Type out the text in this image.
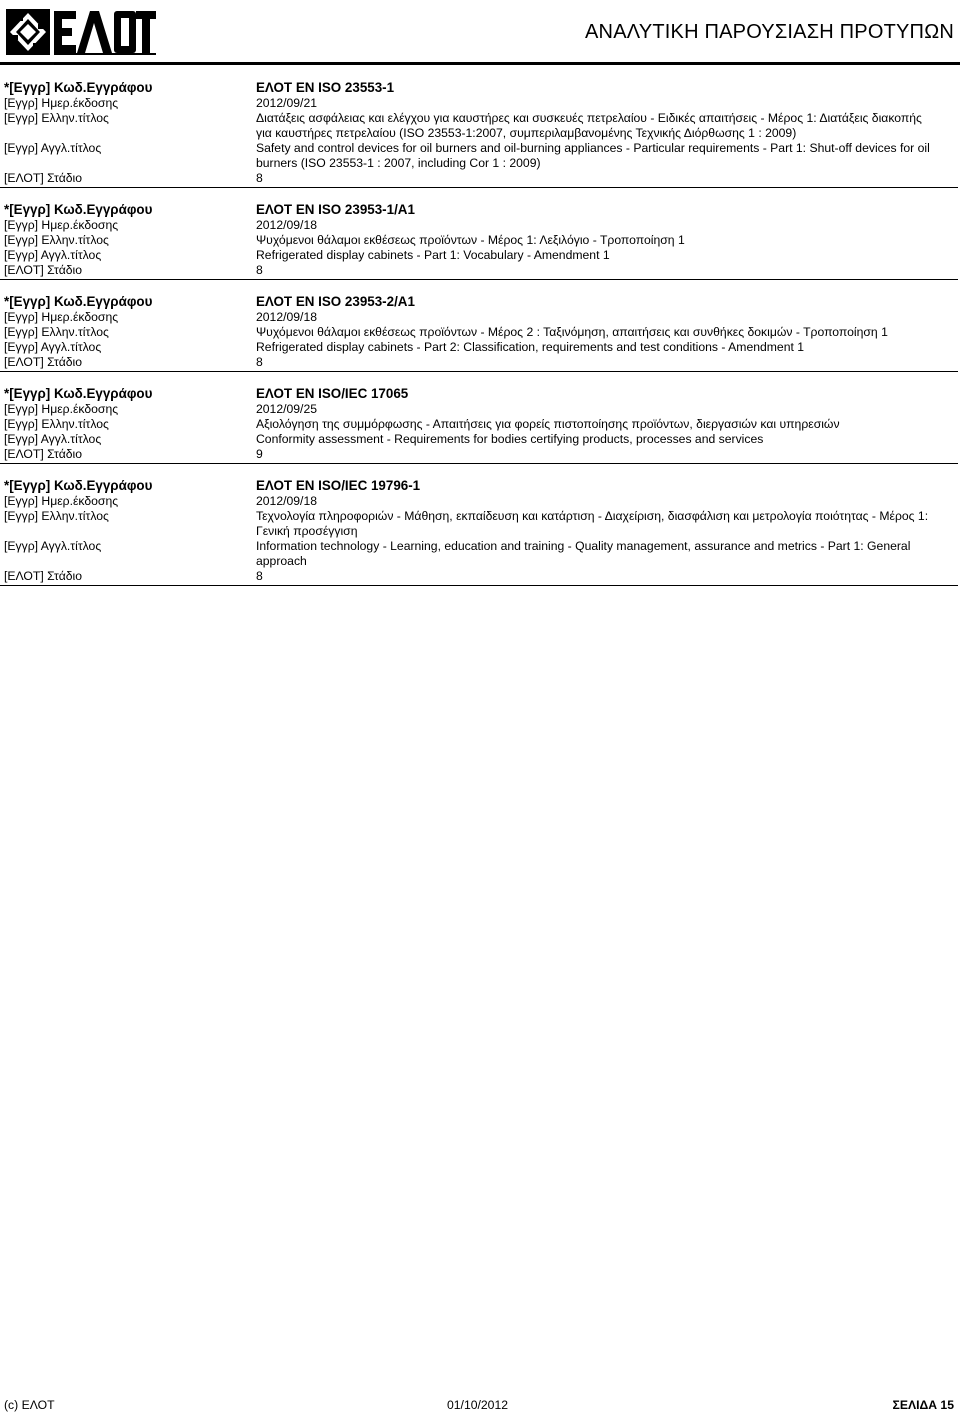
ΑΝΑΛΥΤΙΚΗ ΠΑΡΟΥΣΙΑΣΗ ΠΡΟΤΥΠΩΝ
*[Εγγρ] Κωδ.Εγγράφου	ΕΛΟΤ EN ISO 23553-1
[Εγγρ] Ημερ.έκδοσης	2012/09/21
[Εγγρ] Ελλην.τίτλος	Διατάξεις ασφάλειας και ελέγχου για καυστήρες και συσκευές πετρελαίου - Ειδικές απαιτήσεις - Μέρος 1: Διατάξεις διακοπής για καυστήρες πετρελαίου (ISO 23553-1:2007, συμπεριλαμβανομένης Τεχνικής Διόρθωσης 1 : 2009)
[Εγγρ] Αγγλ.τίτλος	Safety and control devices for oil burners and oil-burning appliances - Particular requirements - Part 1: Shut-off devices for oil burners (ISO 23553-1 : 2007, including Cor 1 : 2009)
[ΕΛΟΤ] Στάδιο	8
*[Εγγρ] Κωδ.Εγγράφου	ΕΛΟΤ EN ISO 23953-1/A1
[Εγγρ] Ημερ.έκδοσης	2012/09/18
[Εγγρ] Ελλην.τίτλος	Ψυχόμενοι θάλαμοι εκθέσεως προϊόντων - Μέρος 1: Λεξιλόγιο - Τροποποίηση 1
[Εγγρ] Αγγλ.τίτλος	Refrigerated display cabinets - Part 1: Vocabulary - Amendment 1
[ΕΛΟΤ] Στάδιο	8
*[Εγγρ] Κωδ.Εγγράφου	ΕΛΟΤ EN ISO 23953-2/A1
[Εγγρ] Ημερ.έκδοσης	2012/09/18
[Εγγρ] Ελλην.τίτλος	Ψυχόμενοι θάλαμοι εκθέσεως προϊόντων - Μέρος 2 : Ταξινόμηση, απαιτήσεις και συνθήκες δοκιμών - Τροποποίηση 1
[Εγγρ] Αγγλ.τίτλος	Refrigerated display cabinets - Part 2: Classification, requirements and test conditions - Amendment 1
[ΕΛΟΤ] Στάδιο	8
*[Εγγρ] Κωδ.Εγγράφου	ΕΛΟΤ EN ISO/IEC 17065
[Εγγρ] Ημερ.έκδοσης	2012/09/25
[Εγγρ] Ελλην.τίτλος	Αξιολόγηση της συμμόρφωσης - Απαιτήσεις για φορείς πιστοποίησης προϊόντων, διεργασιών και υπηρεσιών
[Εγγρ] Αγγλ.τίτλος	Conformity assessment - Requirements for bodies certifying products, processes and services
[ΕΛΟΤ] Στάδιο	9
*[Εγγρ] Κωδ.Εγγράφου	ΕΛΟΤ EN ISO/IEC 19796-1
[Εγγρ] Ημερ.έκδοσης	2012/09/18
[Εγγρ] Ελλην.τίτλος	Τεχνολογία πληροφοριών - Μάθηση, εκπαίδευση και κατάρτιση - Διαχείριση, διασφάλιση και μετρολογία ποιότητας - Μέρος 1: Γενική προσέγγιση
[Εγγρ] Αγγλ.τίτλος	Information technology - Learning, education and training - Quality management, assurance and metrics - Part 1: General approach
[ΕΛΟΤ] Στάδιο	8
(c) ΕΛΟΤ	01/10/2012	ΣΕΛΙΔΑ 15
